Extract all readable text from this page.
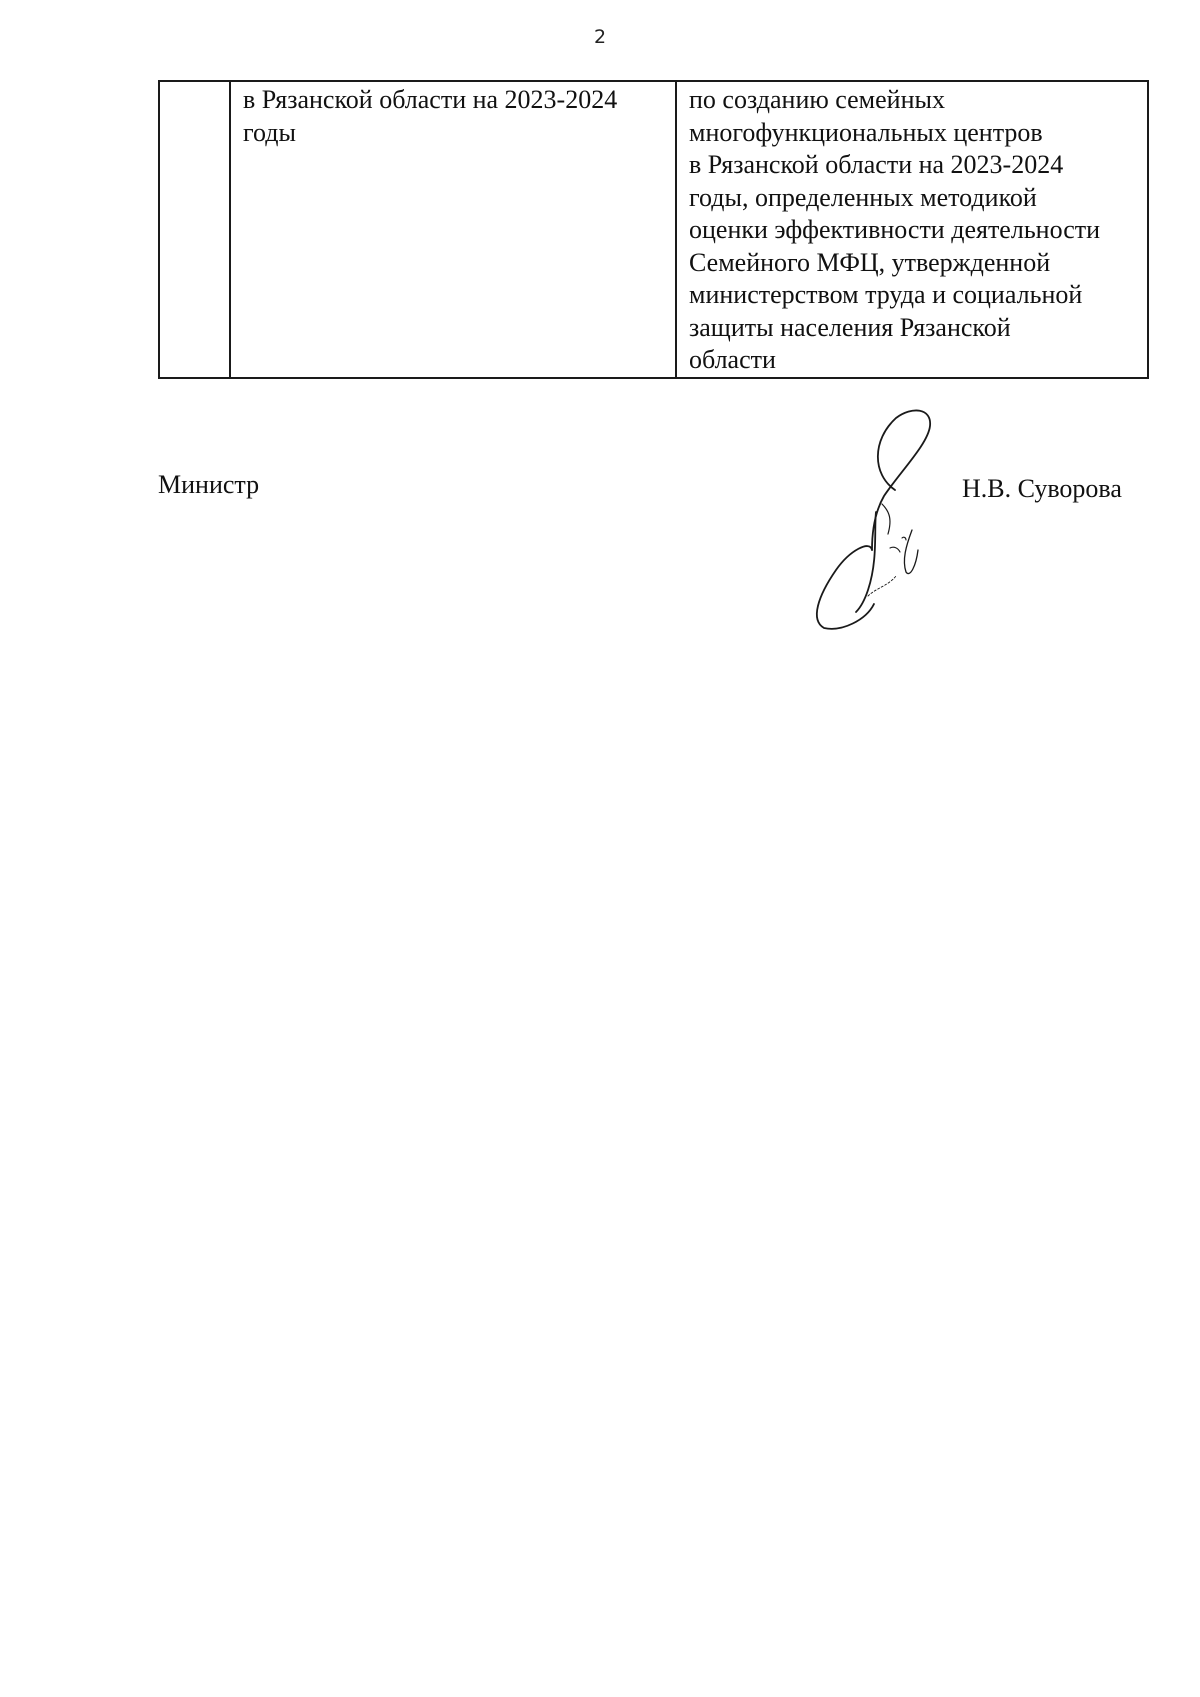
2

в Рязанской области на 2023-2024
годы

по созданию семейных
многофункциональных центров
в Рязанской области на 2023-2024
годы, определенных методикой
оценки эффективности деятельности
Семейного МФЦ, утвержденной
министерством труда и социальной
защиты населения Рязанской
области
Министр	Н.В. Суворова
